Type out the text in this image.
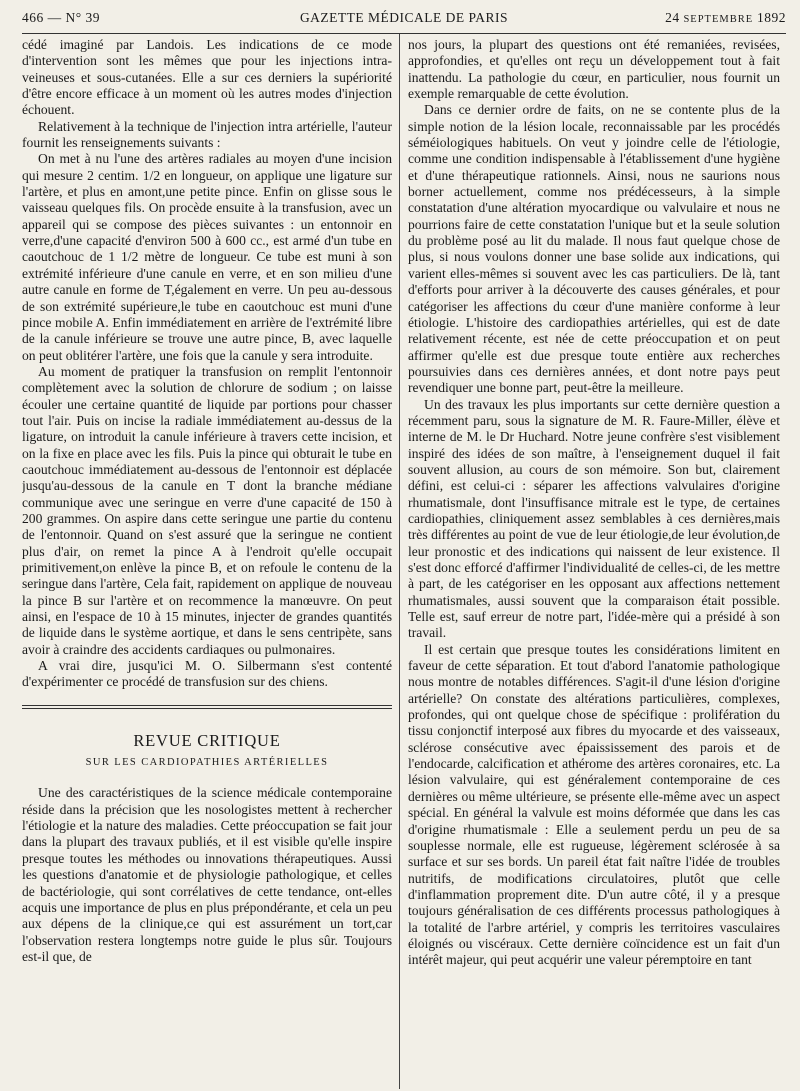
466 — N° 39	GAZETTE MÉDICALE DE PARIS	24 SEPTEMBRE 1892

cédé imaginé par Landois. Les indications de ce mode d'intervention sont les mêmes que pour les injections intra-veineuses et sous-cutanées. Elle a sur ces derniers la supériorité d'être encore efficace à un moment où les autres modes d'injection échouent.

Relativement à la technique de l'injection intra artérielle, l'auteur fournit les renseignements suivants :

On met à nu l'une des artères radiales au moyen d'une incision qui mesure 2 centim. 1/2 en longueur, on applique une ligature sur l'artère, et plus en amont,une petite pince. Enfin on glisse sous le vaisseau quelques fils. On procède ensuite à la transfusion, avec un appareil qui se compose des pièces suivantes : un entonnoir en verre,d'une capacité d'environ 500 à 600 cc., est armé d'un tube en caoutchouc de 1 1/2 mètre de longueur. Ce tube est muni à son extrémité inférieure d'une canule en verre, et en son milieu d'une autre canule en forme de T,également en verre. Un peu au-dessous de son extrémité supérieure,le tube en caoutchouc est muni d'une pince mobile A. Enfin immédiatement en arrière de l'extrémité libre de la canule inférieure se trouve une autre pince, B, avec laquelle on peut oblitérer l'artère, une fois que la canule y sera introduite.

Au moment de pratiquer la transfusion on remplit l'entonnoir complètement avec la solution de chlorure de sodium ; on laisse écouler une certaine quantité de liquide par portions pour chasser tout l'air. Puis on incise la radiale immédiatement au-dessus de la ligature, on introduit la canule inférieure à travers cette incision, et on la fixe en place avec les fils. Puis la pince qui obturait le tube en caoutchouc immédiatement au-dessous de l'entonnoir est déplacée jusqu'au-dessous de la canule en T dont la branche médiane communique avec une seringue en verre d'une capacité de 150 à 200 grammes. On aspire dans cette seringue une partie du contenu de l'entonnoir. Quand on s'est assuré que la seringue ne contient plus d'air, on remet la pince A à l'endroit qu'elle occupait primitivement,on enlève la pince B, et on refoule le contenu de la seringue dans l'artère, Cela fait, rapidement on applique de nouveau la pince B sur l'artère et on recommence la manœuvre. On peut ainsi, en l'espace de 10 à 15 minutes, injecter de grandes quantités de liquide dans le système aortique, et dans le sens centripète, sans avoir à craindre des accidents cardiaques ou pulmonaires.

A vrai dire, jusqu'ici M. O. Silbermann s'est contenté d'expérimenter ce procédé de transfusion sur des chiens.

REVUE CRITIQUE
SUR LES CARDIOPATHIES ARTÉRIELLES

Une des caractéristiques de la science médicale contemporaine réside dans la précision que les nosologistes mettent à rechercher l'étiologie et la nature des maladies. Cette préoccupation se fait jour dans la plupart des travaux publiés, et il est visible qu'elle inspire presque toutes les méthodes ou innovations thérapeutiques. Aussi les questions d'anatomie et de physiologie pathologique, et celles de bactériologie, qui sont corrélatives de cette tendance, ont-elles acquis une importance de plus en plus prépondérante, et cela un peu aux dépens de la clinique,ce qui est assurément un tort,car l'observation restera longtemps notre guide le plus sûr. Toujours est-il que, de

nos jours, la plupart des questions ont été remaniées, revisées, approfondies, et qu'elles ont reçu un développement tout à fait inattendu. La pathologie du cœur, en particulier, nous fournit un exemple remarquable de cette évolution.

Dans ce dernier ordre de faits, on ne se contente plus de la simple notion de la lésion locale, reconnaissable par les procédés séméiologiques habituels. On veut y joindre celle de l'étiologie, comme une condition indispensable à l'établissement d'une hygiène et d'une thérapeutique rationnels. Ainsi, nous ne saurions nous borner actuellement, comme nos prédécesseurs, à la simple constatation d'une altération myocardique ou valvulaire et nous ne pourrions faire de cette constatation l'unique but et la seule solution du problème posé au lit du malade. Il nous faut quelque chose de plus, si nous voulons donner une base solide aux indications, qui varient elles-mêmes si souvent avec les cas particuliers. De là, tant d'efforts pour arriver à la découverte des causes générales, et pour catégoriser les affections du cœur d'une manière conforme à leur étiologie. L'histoire des cardiopathies artérielles, qui est de date relativement récente, est née de cette préoccupation et on peut affirmer qu'elle est due presque toute entière aux recherches poursuivies dans ces dernières années, et dont notre pays peut revendiquer une bonne part, peut-être la meilleure.

Un des travaux les plus importants sur cette dernière question a récemment paru, sous la signature de M. R. Faure-Miller, élève et interne de M. le Dr Huchard. Notre jeune confrère s'est visiblement inspiré des idées de son maître, à l'enseignement duquel il fait souvent allusion, au cours de son mémoire. Son but, clairement défini, est celui-ci : séparer les affections valvulaires d'origine rhumatismale, dont l'insuffisance mitrale est le type, de certaines cardiopathies, cliniquement assez semblables à ces dernières,mais très différentes au point de vue de leur étiologie,de leur évolution,de leur pronostic et des indications qui naissent de leur existence. Il s'est donc efforcé d'affirmer l'individualité de celles-ci, de les mettre à part, de les catégoriser en les opposant aux affections nettement rhumatismales, aussi souvent que la comparaison était possible. Telle est, sauf erreur de notre part, l'idée-mère qui a présidé à son travail.

Il est certain que presque toutes les considérations limitent en faveur de cette séparation. Et tout d'abord l'anatomie pathologique nous montre de notables différences. S'agit-il d'une lésion d'origine artérielle? On constate des altérations particulières, complexes, profondes, qui ont quelque chose de spécifique : prolifération du tissu conjonctif interposé aux fibres du myocarde et des vaisseaux, sclérose consécutive avec épaississement des parois et de l'endocarde, calcification et athérome des artères coronaires, etc. La lésion valvulaire, qui est généralement contemporaine de ces dernières ou même ultérieure, se présente elle-même avec un aspect spécial. En général la valvule est moins déformée que dans les cas d'origine rhumatismale : Elle a seulement perdu un peu de sa souplesse normale, elle est rugueuse, légèrement sclérosée à sa surface et sur ses bords. Un pareil état fait naître l'idée de troubles nutritifs, de modifications circulatoires, plutôt que celle d'inflammation proprement dite. D'un autre côté, il y a presque toujours généralisation de ces différents processus pathologiques à la totalité de l'arbre artériel, y compris les territoires vasculaires éloignés ou viscéraux. Cette dernière coïncidence est un fait d'un intérêt majeur, qui peut acquérir une valeur péremptoire en tant
